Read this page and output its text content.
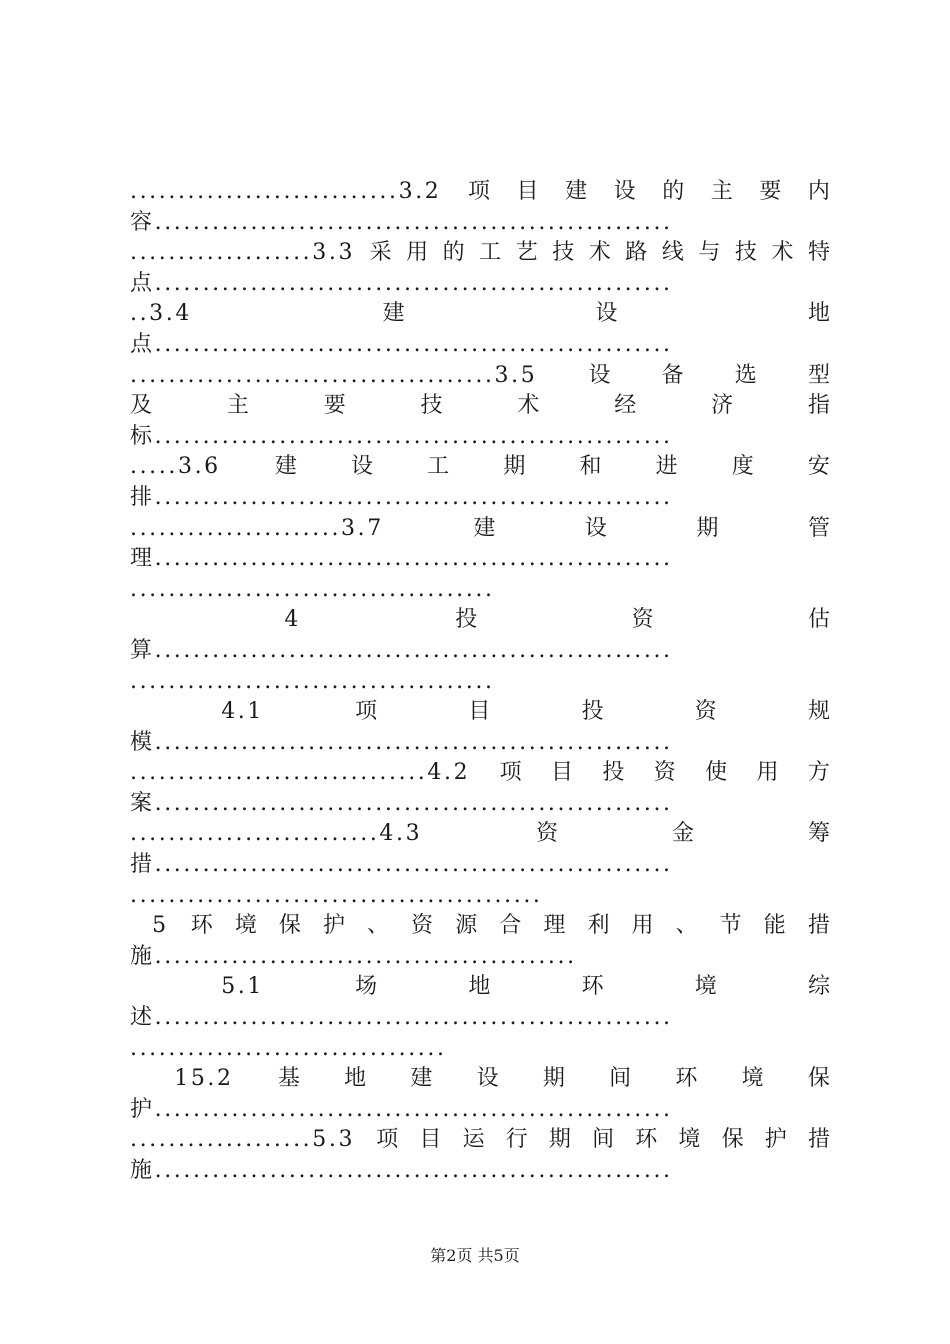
............................3.2 项 目 建 设 的 主 要 内
容......................................................
...................3.3 采 用 的 工 艺 技 术 路 线 与 技 术 特
点......................................................
..3.4	建	设	地
点......................................................
......................................3.5 设 备 选 型
及	主	要	技	术	经	济	指
标......................................................
.....3.6 建 设 工 期 和 进 度 安
排......................................................
......................3.7	建	设	期	管
理......................................................
......................................
4	投	资	估
算......................................................
......................................
4.1	项	目	投	资	规
模......................................................
...............................4.2 项 目 投 资 使 用 方
案......................................................
..........................4.3	资	金	筹
措......................................................
...........................................
5 环 境 保 护 、 资 源 合 理 利 用 、 节 能 措
施............................................
5.1	场	地	环	境	综
述......................................................
.................................
15.2 基 地 建 设 期 间 环 境 保
护......................................................
...................5.3 项 目 运 行 期 间 环 境 保 护 措
施......................................................
第2页 共5页
